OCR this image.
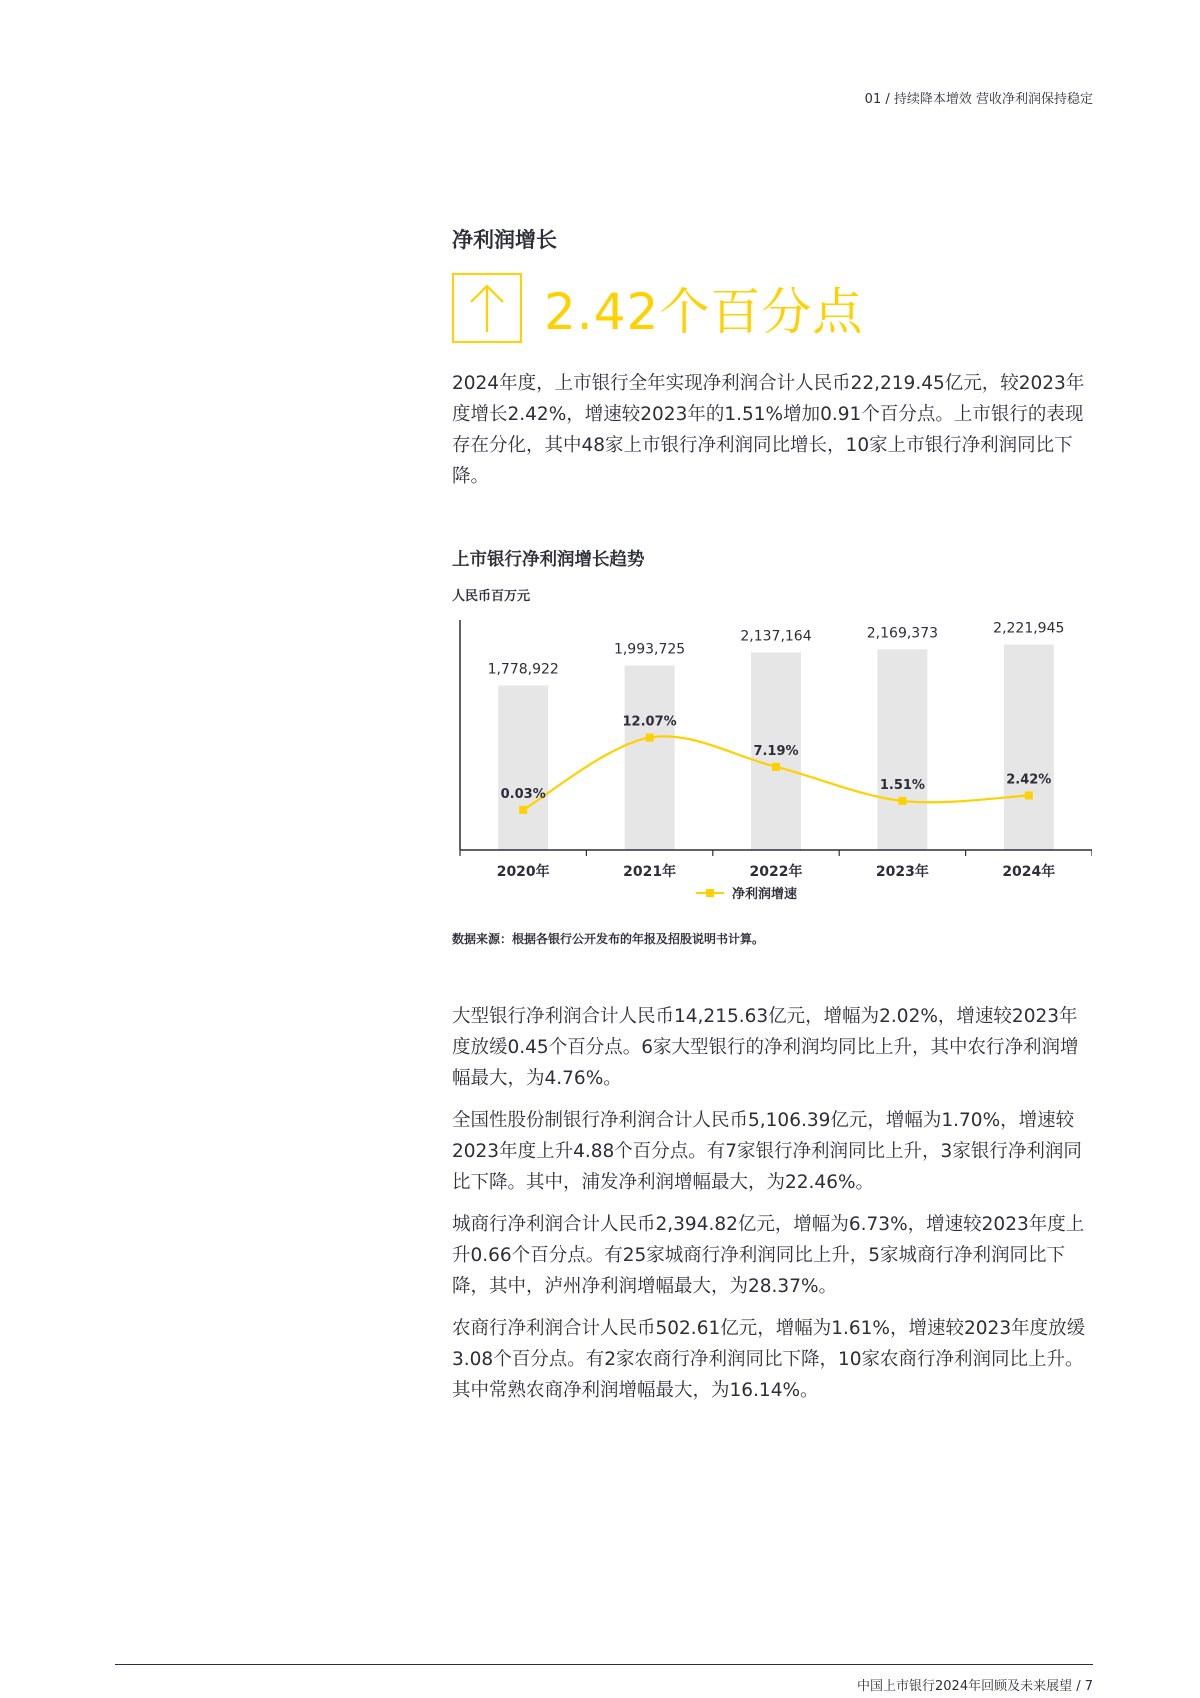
01 / 持续降本增效 营收净利润保持稳定
净利润增长
2.42个百分点

2024年度，上市银行全年实现净利润合计人民币22,219.45亿元，较2023年度增长2.42%，增速较2023年的1.51%增加0.91个百分点。上市银行的表现存在分化，其中48家上市银行净利润同比增长，10家上市银行净利润同比下降。

上市银行净利润增长趋势
人民币百万元
1,778,922
2020年
1,993,725
2021年
2,137,164
2022年
2,169,373
2023年
2,221,945
2024年
0.03%
12.07%
7.19%
1.51%	2.42%
净利润增速
数据来源：根据各银行公开发布的年报及招股说明书计算。

大型银行净利润合计人民币14,215.63亿元，增幅为2.02%，增速较2023年度放缓0.45个百分点。6家大型银行的净利润均同比上升，其中农行净利润增幅最大，为4.76%。

全国性股份制银行净利润合计人民币5,106.39亿元，增幅为1.70%，增速较2023年度上升4.88个百分点。有7家银行净利润同比上升，3家银行净利润同比下降。其中，浦发净利润增幅最大，为22.46%。

城商行净利润合计人民币2,394.82亿元，增幅为6.73%，增速较2023年度上升0.66个百分点。有25家城商行净利润同比上升，5家城商行净利润同比下降，其中，泸州净利润增幅最大，为28.37%。

农商行净利润合计人民币502.61亿元，增幅为1.61%，增速较2023年度放缓3.08个百分点。有2家农商行净利润同比下降，10家农商行净利润同比上升。其中常熟农商净利润增幅最大，为16.14%。

中国上市银行2024年回顾及未来展望 / 7
